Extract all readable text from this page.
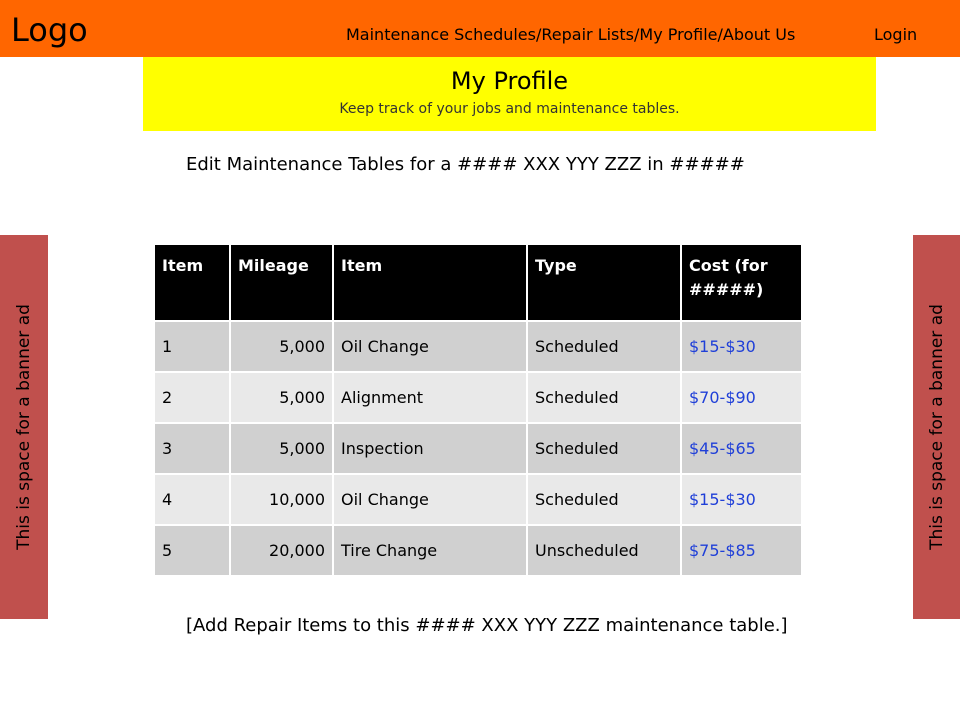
Logo	Maintenance Schedules/Repair Lists/My Profile/About Us	Login
My Profile
Keep track of your jobs and maintenance tables.
Edit Maintenance Tables for a #### XXX YYY ZZZ in #####
This is space for a banner ad	This is space for a banner ad
Item	Mileage	Item	Type	Cost (for #####)
1	5,000	Oil Change	Scheduled	$15-$30
2	5,000	Alignment	Scheduled	$70-$90
3	5,000	Inspection	Scheduled	$45-$65
4	10,000	Oil Change	Scheduled	$15-$30
5	20,000	Tire Change	Unscheduled	$75-$85
[Add Repair Items to this #### XXX YYY ZZZ maintenance table.]
